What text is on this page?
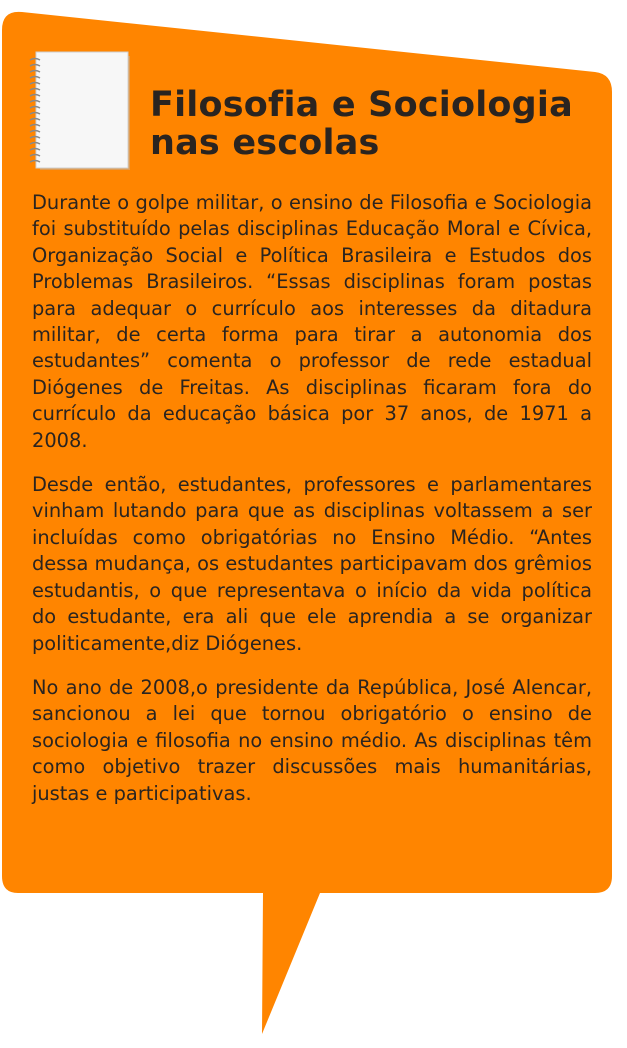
Filosofia e Sociologia nas escolas

Durante o golpe militar, o ensino de Filosofia e Sociologia foi substituído pelas disciplinas Educação Moral e Cívica, Organização Social e Política Brasileira e Estudos dos Problemas Brasileiros. “Essas disciplinas foram postas para adequar o currículo aos interesses da ditadura militar, de certa forma para tirar a autonomia dos estudantes” comenta o professor de rede estadual Diógenes de Freitas. As disciplinas ficaram fora do currículo da educação básica por 37 anos, de 1971 a 2008.

Desde então, estudantes, professores e parlamentares vinham lutando para que as disciplinas voltassem a ser incluídas como obrigatórias no Ensino Médio. “Antes dessa mudança, os estudantes participavam dos grêmios estudantis, o que representava o início da vida política do estudante, era ali que ele aprendia a se organizar politicamente,diz Diógenes.

No ano de 2008,o presidente da República, José Alencar, sancionou a lei que tornou obrigatório o ensino de sociologia e filosofia no ensino médio. As disciplinas têm como objetivo trazer discussões mais humanitárias, justas e participativas.
